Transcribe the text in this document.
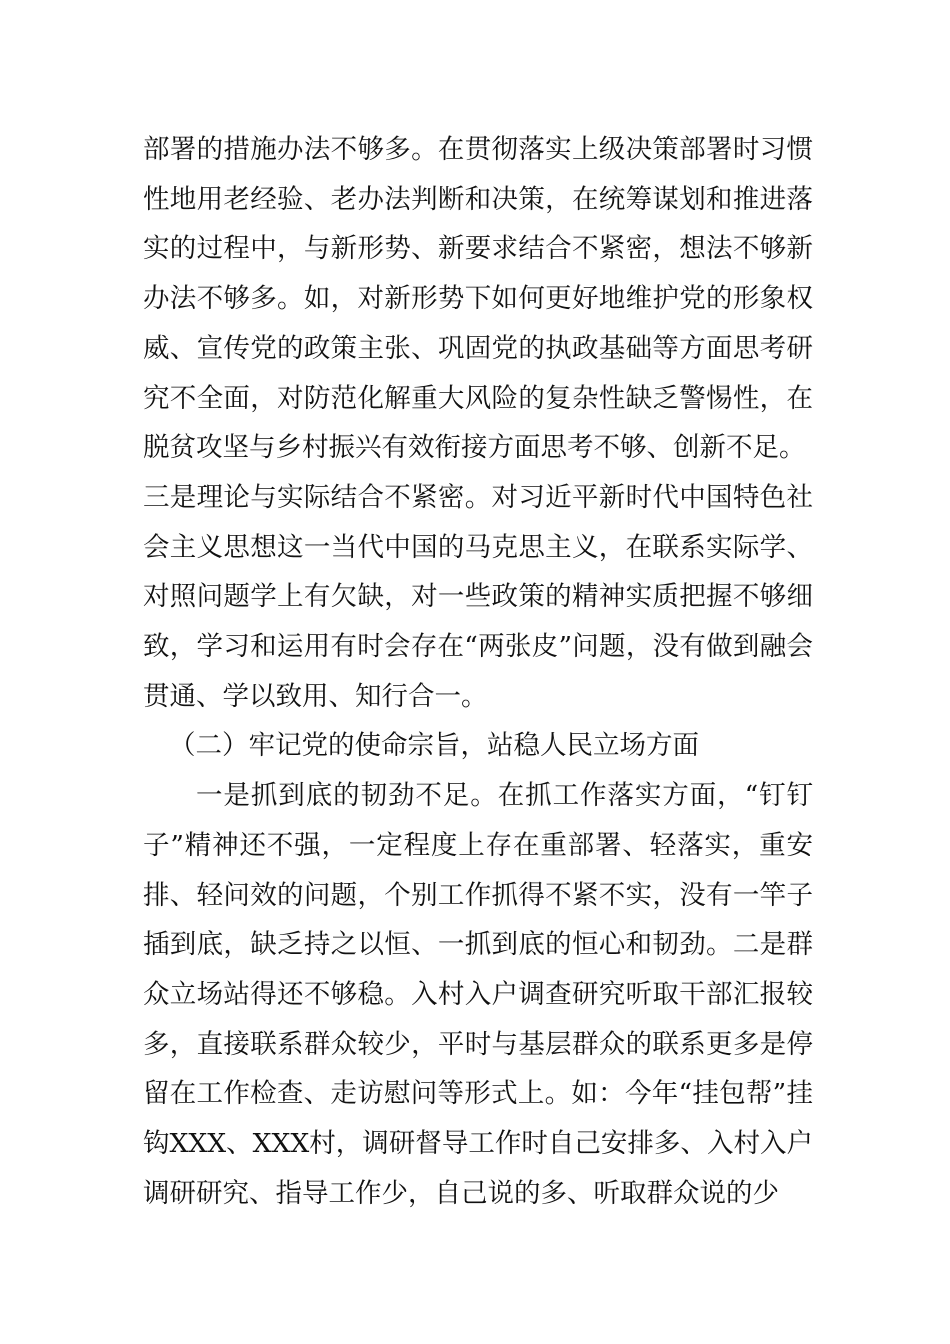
部署的措施办法不够多。在贯彻落实上级决策部署时习惯性地用老经验、老办法判断和决策，在统筹谋划和推进落实的过程中，与新形势、新要求结合不紧密，想法不够新办法不够多。如，对新形势下如何更好地维护党的形象权威、宣传党的政策主张、巩固党的执政基础等方面思考研究不全面，对防范化解重大风险的复杂性缺乏警惕性，在脱贫攻坚与乡村振兴有效衔接方面思考不够、创新不足。

三是理论与实际结合不紧密。对习近平新时代中国特色社会主义思想这一当代中国的马克思主义，在联系实际学、对照问题学上有欠缺，对一些政策的精神实质把握不够细致，学习和运用有时会存在“两张皮”问题，没有做到融会贯通、学以致用、知行合一。

（二）牢记党的使命宗旨，站稳人民立场方面

一是抓到底的韧劲不足。在抓工作落实方面，“钉钉子”精神还不强，一定程度上存在重部署、轻落实，重安排、轻问效的问题，个别工作抓得不紧不实，没有一竿子插到底，缺乏持之以恒、一抓到底的恒心和韧劲。二是群众立场站得还不够稳。入村入户调查研究听取干部汇报较多，直接联系群众较少，平时与基层群众的联系更多是停留在工作检查、走访慰问等形式上。如：今年“挂包帮”挂钩XXX、XXX村，调研督导工作时自己安排多、入村入户调研研究、指导工作少，自己说的多、听取群众说的少
